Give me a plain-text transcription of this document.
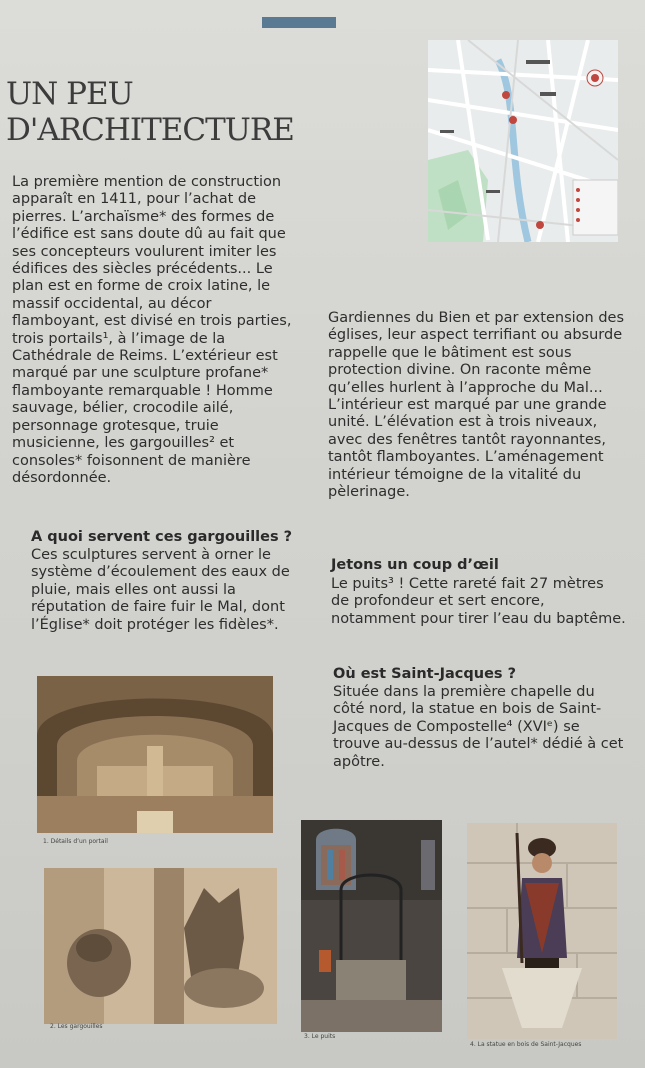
UN PEU
D'ARCHITECTURE

La première mention de construction apparaît en 1411, pour l’achat de pierres. L’archaïsme* des formes de l’édifice est sans doute dû au fait que ses concepteurs voulurent imiter les édifices des siècles précédents... Le plan est en forme de croix latine, le massif occidental, au décor flamboyant, est divisé en trois parties, trois portails¹, à l’image de la Cathédrale de Reims. L’extérieur est marqué par une sculpture profane* flamboyante remarquable ! Homme sauvage, bélier, crocodile ailé, personnage grotesque, truie musicienne, les gargouilles² et consoles* foisonnent de manière désordonnée.

A quoi servent ces gargouilles ?

Ces sculptures servent à orner le système d’écoulement des eaux de pluie, mais elles ont aussi la réputation de faire fuir le Mal, dont l’Église* doit protéger les fidèles*.

Gardiennes du Bien et par extension des églises, leur aspect terrifiant ou absurde rappelle que le bâtiment est sous protection divine. On raconte même qu’elles hurlent à l’approche du Mal... L’intérieur est marqué par une grande unité. L’élévation est à trois niveaux, avec des fenêtres tantôt rayonnantes, tantôt flamboyantes. L’aménagement intérieur témoigne de la vitalité du pèlerinage.

Jetons un coup d’œil

Le puits³ ! Cette rareté fait 27 mètres de profondeur et sert encore, notamment pour tirer l’eau du baptême.

Où est Saint-Jacques ?

Située dans la première chapelle du côté nord, la statue en bois de Saint-Jacques de Compostelle⁴ (XVIᵉ) se trouve au-dessus de l’autel* dédié à cet apôtre.

1. Détails d’un portail
2. Les gargouilles
3. Le puits
4. La statue en bois de Saint-Jacques
